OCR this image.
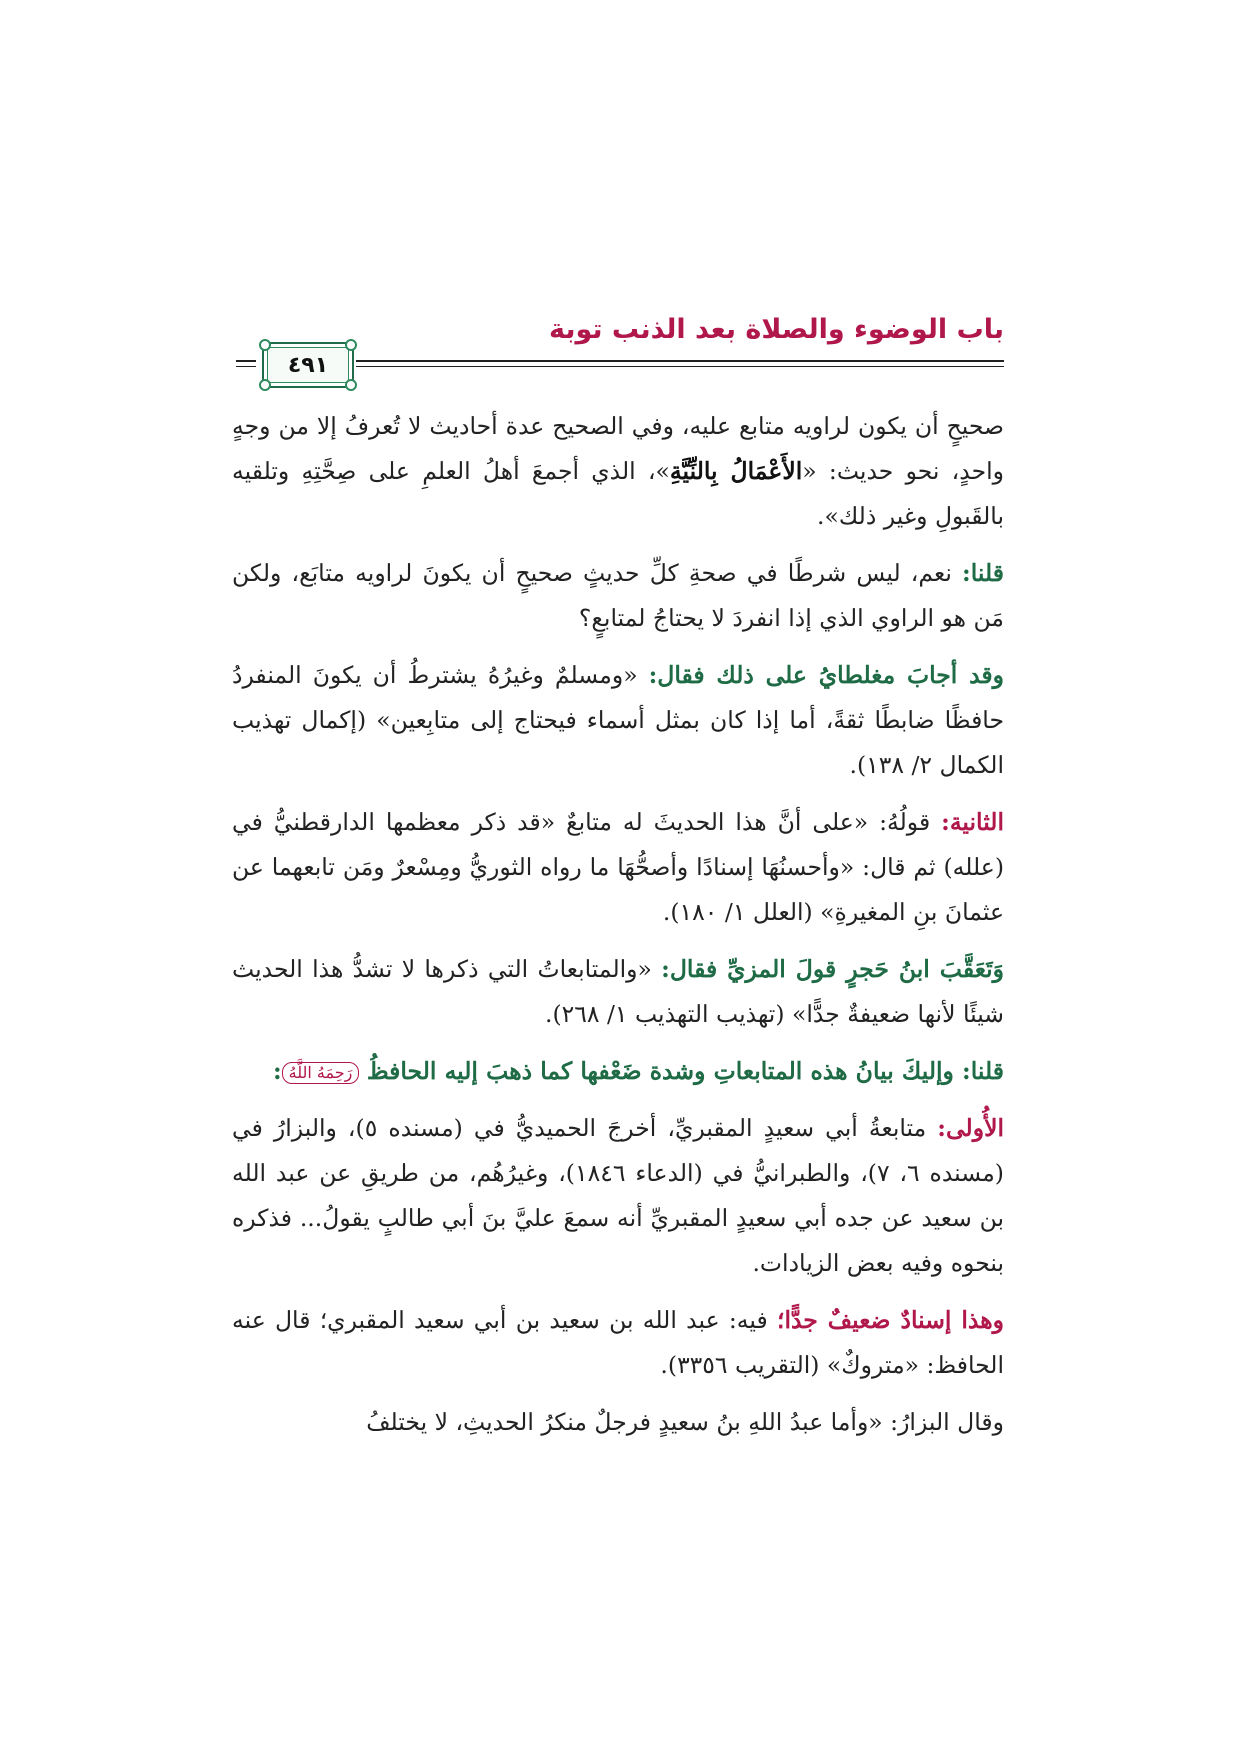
باب الوضوء والصلاة بعد الذنب توبة
٤٩١

صحيحٍ أن يكون لراويه متابع عليه، وفي الصحيح عدة أحاديث لا تُعرفُ إلا من وجهٍ واحدٍ، نحو حديث: «الأَعْمَالُ بِالنِّيَّةِ»، الذي أجمعَ أهلُ العلمِ على صِحَّتِهِ وتلقيه بالقَبولِ وغير ذلك».

قلنا: نعم، ليس شرطًا في صحةِ كلِّ حديثٍ صحيحٍ أن يكونَ لراويه متابَع، ولكن مَن هو الراوي الذي إذا انفردَ لا يحتاجُ لمتابعٍ؟

وقد أجابَ مغلطايُ على ذلك فقال: «ومسلمٌ وغيرُهُ يشترطُ أن يكونَ المنفردُ حافظًا ضابطًا ثقةً، أما إذا كان بمثل أسماء فيحتاج إلى متابِعين» (إكمال تهذيب الكمال ٢/ ١٣٨).

الثانية: قولُهُ: «على أنَّ هذا الحديثَ له متابعٌ «قد ذكر معظمها الدارقطنيُّ في (علله) ثم قال: «وأحسنُهَا إسنادًا وأصحُّهَا ما رواه الثوريُّ ومِسْعرٌ ومَن تابعهما عن عثمانَ بنِ المغيرةِ» (العلل ١/ ١٨٠).

وَتَعَقَّبَ ابنُ حَجرٍ قولَ المزيِّ فقال: «والمتابعاتُ التي ذكرها لا تشدُّ هذا الحديث شيئًا لأنها ضعيفةٌ جدًّا» (تهذيب التهذيب ١/ ٢٦٨).

قلنا: وإليكَ بيانُ هذه المتابعاتِ وشدة ضَعْفها كما ذهبَ إليه الحافظُ رَحِمَهُ اللَّهُ:

الأُولى: متابعةُ أبي سعيدٍ المقبريِّ، أخرجَ الحميديُّ في (مسنده ٥)، والبزارُ في (مسنده ٦، ٧)، والطبرانيُّ في (الدعاء ١٨٤٦)، وغيرُهُم، من طريقِ عن عبد الله بن سعيد عن جده أبي سعيدٍ المقبريِّ أنه سمعَ عليَّ بنَ أبي طالبٍ يقولُ... فذكره بنحوه وفيه بعض الزيادات.

وهذا إسنادٌ ضعيفٌ جدًّا؛ فيه: عبد الله بن سعيد بن أبي سعيد المقبري؛ قال عنه الحافظ: «متروكٌ» (التقريب ٣٣٥٦).

وقال البزارُ: «وأما عبدُ اللهِ بنُ سعيدٍ فرجلٌ منكرُ الحديثِ، لا يختلفُ
